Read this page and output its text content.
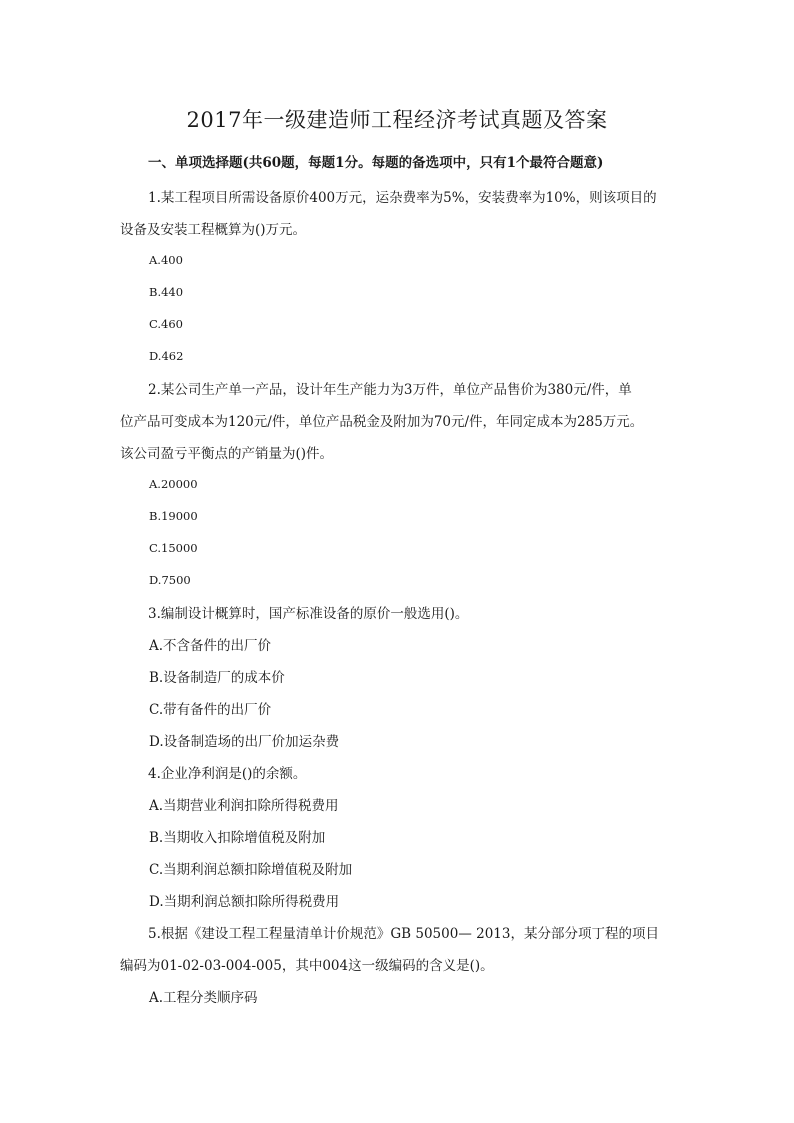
2017年一级建造师工程经济考试真题及答案
一、单项选择题(共60题，每题1分。每题的备选项中，只有1个最符合题意)
1.某工程项目所需设备原价400万元，运杂费率为5%，安装费率为10%，则该项目的
设备及安装工程概算为()万元。
A.400
B.440
C.460
D.462
2.某公司生产单一产品，设计年生产能力为3万件，单位产品售价为380元/件，单
位产品可变成本为120元/件，单位产品税金及附加为70元/件，年同定成本为285万元。
该公司盈亏平衡点的产销量为()件。
A.20000
B.19000
C.15000
D.7500
3.编制设计概算时，国产标准设备的原价一般选用()。
A.不含备件的出厂价
B.设备制造厂的成本价
C.带有备件的出厂价
D.设备制造场的出厂价加运杂费
4.企业净利润是()的余额。
A.当期营业利润扣除所得税费用
B.当期收入扣除增值税及附加
C.当期利润总额扣除增值税及附加
D.当期利润总额扣除所得税费用
5.根据《建设工程工程量清单计价规范》GB 50500— 2013，某分部分项丁程的项目
编码为01-02-03-004-005，其中004这一级编码的含义是()。
A.工程分类顺序码
